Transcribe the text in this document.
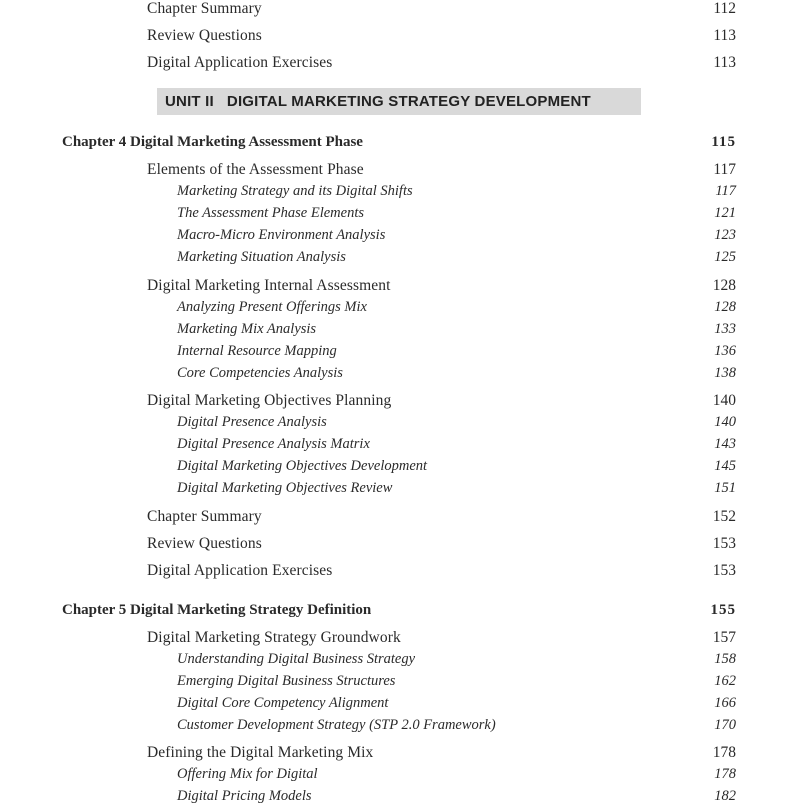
Chapter Summary	112
Review Questions	113
Digital Application Exercises	113
UNIT II DIGITAL MARKETING STRATEGY DEVELOPMENT
Chapter 4 Digital Marketing Assessment Phase	115
Elements of the Assessment Phase	117
Marketing Strategy and its Digital Shifts	117
The Assessment Phase Elements	121
Macro-Micro Environment Analysis	123
Marketing Situation Analysis	125
Digital Marketing Internal Assessment	128
Analyzing Present Offerings Mix	128
Marketing Mix Analysis	133
Internal Resource Mapping	136
Core Competencies Analysis	138
Digital Marketing Objectives Planning	140
Digital Presence Analysis	140
Digital Presence Analysis Matrix	143
Digital Marketing Objectives Development	145
Digital Marketing Objectives Review	151
Chapter Summary	152
Review Questions	153
Digital Application Exercises	153
Chapter 5 Digital Marketing Strategy Definition	155
Digital Marketing Strategy Groundwork	157
Understanding Digital Business Strategy	158
Emerging Digital Business Structures	162
Digital Core Competency Alignment	166
Customer Development Strategy (STP 2.0 Framework)	170
Defining the Digital Marketing Mix	178
Offering Mix for Digital	178
Digital Pricing Models	182
